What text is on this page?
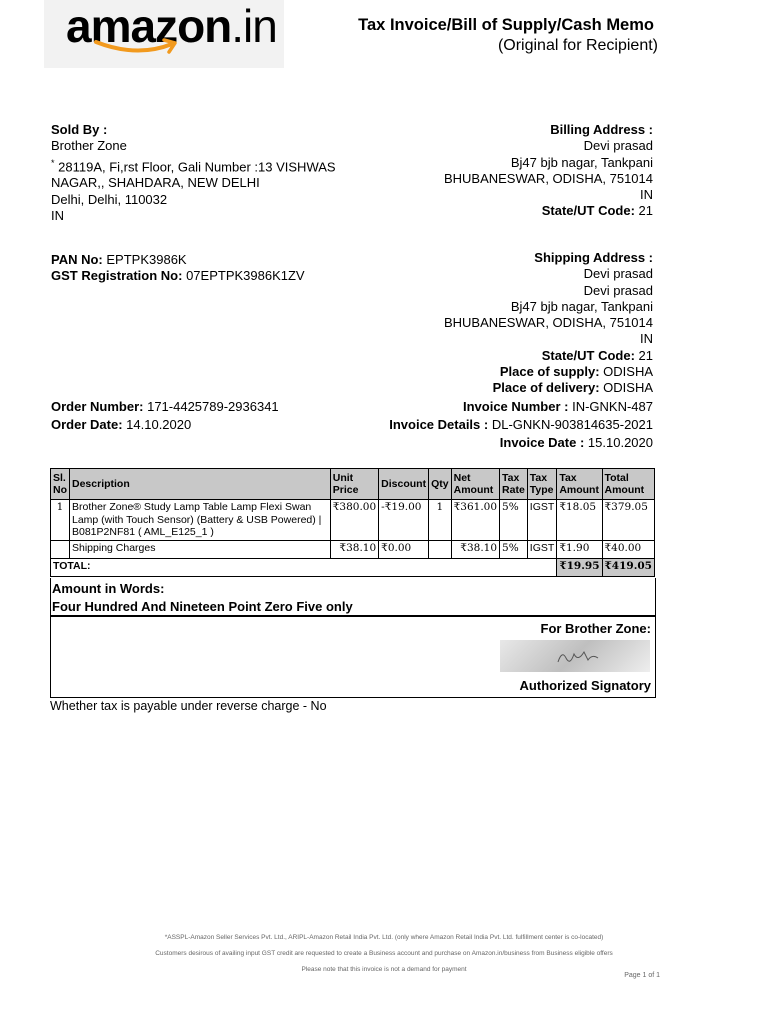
amazon.in	Tax Invoice/Bill of Supply/Cash Memo
(Original for Recipient)
Sold By :
Brother Zone
* 28119A, Fi,rst Floor, Gali Number :13 VISHWAS
NAGAR,, SHAHDARA, NEW DELHI
Delhi, Delhi, 110032
IN
Billing Address :
Devi prasad
Bj47 bjb nagar, Tankpani
BHUBANESWAR, ODISHA, 751014
IN
State/UT Code: 21
PAN No: EPTPK3986K
GST Registration No: 07EPTPK3986K1ZV
Shipping Address :
Devi prasad
Devi prasad
Bj47 bjb nagar, Tankpani
BHUBANESWAR, ODISHA, 751014
IN
State/UT Code: 21
Place of supply: ODISHA
Place of delivery: ODISHA
Order Number: 171-4425789-2936341
Order Date: 14.10.2020
Invoice Number : IN-GNKN-487
Invoice Details : DL-GNKN-903814635-2021
Invoice Date : 15.10.2020
Sl. No	Description	Unit Price	Discount	Qty	Net Amount	Tax Rate	Tax Type	Tax Amount	Total Amount
1	Brother Zone® Study Lamp Table Lamp Flexi Swan Lamp (with Touch Sensor) (Battery & USB Powered) | B081P2NF81 ( AML_E125_1 )	₹380.00	-₹19.00	1	₹361.00	5%	IGST	₹18.05	₹379.05
	Shipping Charges	₹38.10	₹0.00		₹38.10	5%	IGST	₹1.90	₹40.00
TOTAL:								₹19.95	₹419.05
Amount in Words:
Four Hundred And Nineteen Point Zero Five only
For Brother Zone:
Authorized Signatory
Whether tax is payable under reverse charge - No
*ASSPL-Amazon Seller Services Pvt. Ltd., ARIPL-Amazon Retail India Pvt. Ltd. (only where Amazon Retail India Pvt. Ltd. fulfillment center is co-located)
Customers desirous of availing input GST credit are requested to create a Business account and purchase on Amazon.in/business from Business eligible offers
Please note that this invoice is not a demand for payment
Page 1 of 1
